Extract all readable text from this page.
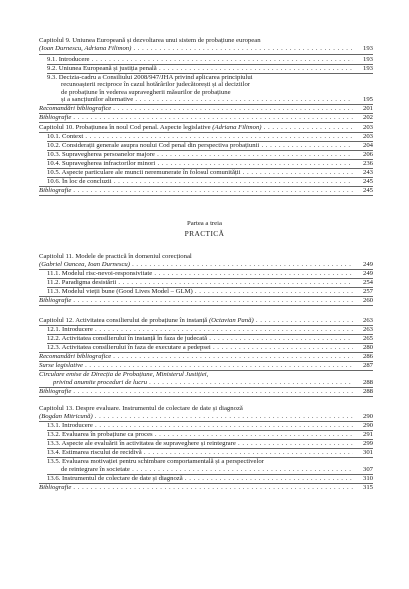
Capitolul 9. Uniunea Europeană și dezvoltarea unui sistem de probațiune european
(Ioan Durnescu, Adriana Filimon) . . .	193
9.1. Introducere . . .	193
9.2. Uniunea Europeană și justiția penală . . .	193
9.3. Decizia-cadru a Consiliului 2008/947/JHA privind aplicarea principiului
recunoașterii reciproce în cazul hotărârilor judecătorești și al deciziilor
de probațiune în vederea supravegherii măsurilor de probațiune
și a sancțiunilor alternative . . .	195
Recomandări bibliografice . . .	201
Bibliografie . . .	202
Capitolul 10. Probațiunea în noul Cod penal. Aspecte legislative (Adriana Filimon) . . .	203
10.1. Context . . .	203
10.2. Considerații generale asupra noului Cod penal din perspectiva probațiunii . . .	204
10.3. Supravegherea persoanelor majore . . .	206
10.4. Supravegherea infractorilor minori . . .	236
10.5. Aspecte particulare ale muncii neremunerate în folosul comunității . . .	243
10.6. În loc de concluzii . . .	245
Bibliografie . . .	245
Partea a treia
PRACTICĂ
Capitolul 11. Modele de practică în domeniul corecțional
(Gabriel Oancea, Ioan Durnescu) . . .	249
11.1. Modelul risc-nevoi-responsivitate . . .	249
11.2. Paradigma desistării . . .	254
11.3. Modelul vieții bune (Good Lives Model – GLM) . . .	257
Bibliografie . . .	260
Capitolul 12. Activitatea consilierului de probațiune în instanță (Octavian Pană) . . .	263
12.1. Introducere . . .	263
12.2. Activitatea consilierului în instanță în faza de judecată . . .	265
12.3. Activitatea consilierului în faza de executare a pedepsei . . .	280
Recomandări bibliografice . . .	286
Surse legislative . . .	287
Circulare emise de Direcția de Probațiune, Ministerul Justiției,
privind anumite proceduri de lucru . . .	288
Bibliografie . . .	288
Capitolul 13. Despre evaluare. Instrumentul de colectare de date și diagnoză
(Bogdan Mitricună) . . .	290
13.1. Introducere . . .	290
13.2. Evaluarea în probațiune ca proces . . .	291
13.3. Aspecte ale evaluării în activitatea de supraveghere și reintegrare . . .	299
13.4. Estimarea riscului de recidivă . . .	301
13.5. Evaluarea motivației pentru schimbare comportamentală și a perspectivelor
de reintegrare în societate . . .	307
13.6. Instrumentul de colectare de date și diagnoză . . .	310
Bibliografie . . .	315
